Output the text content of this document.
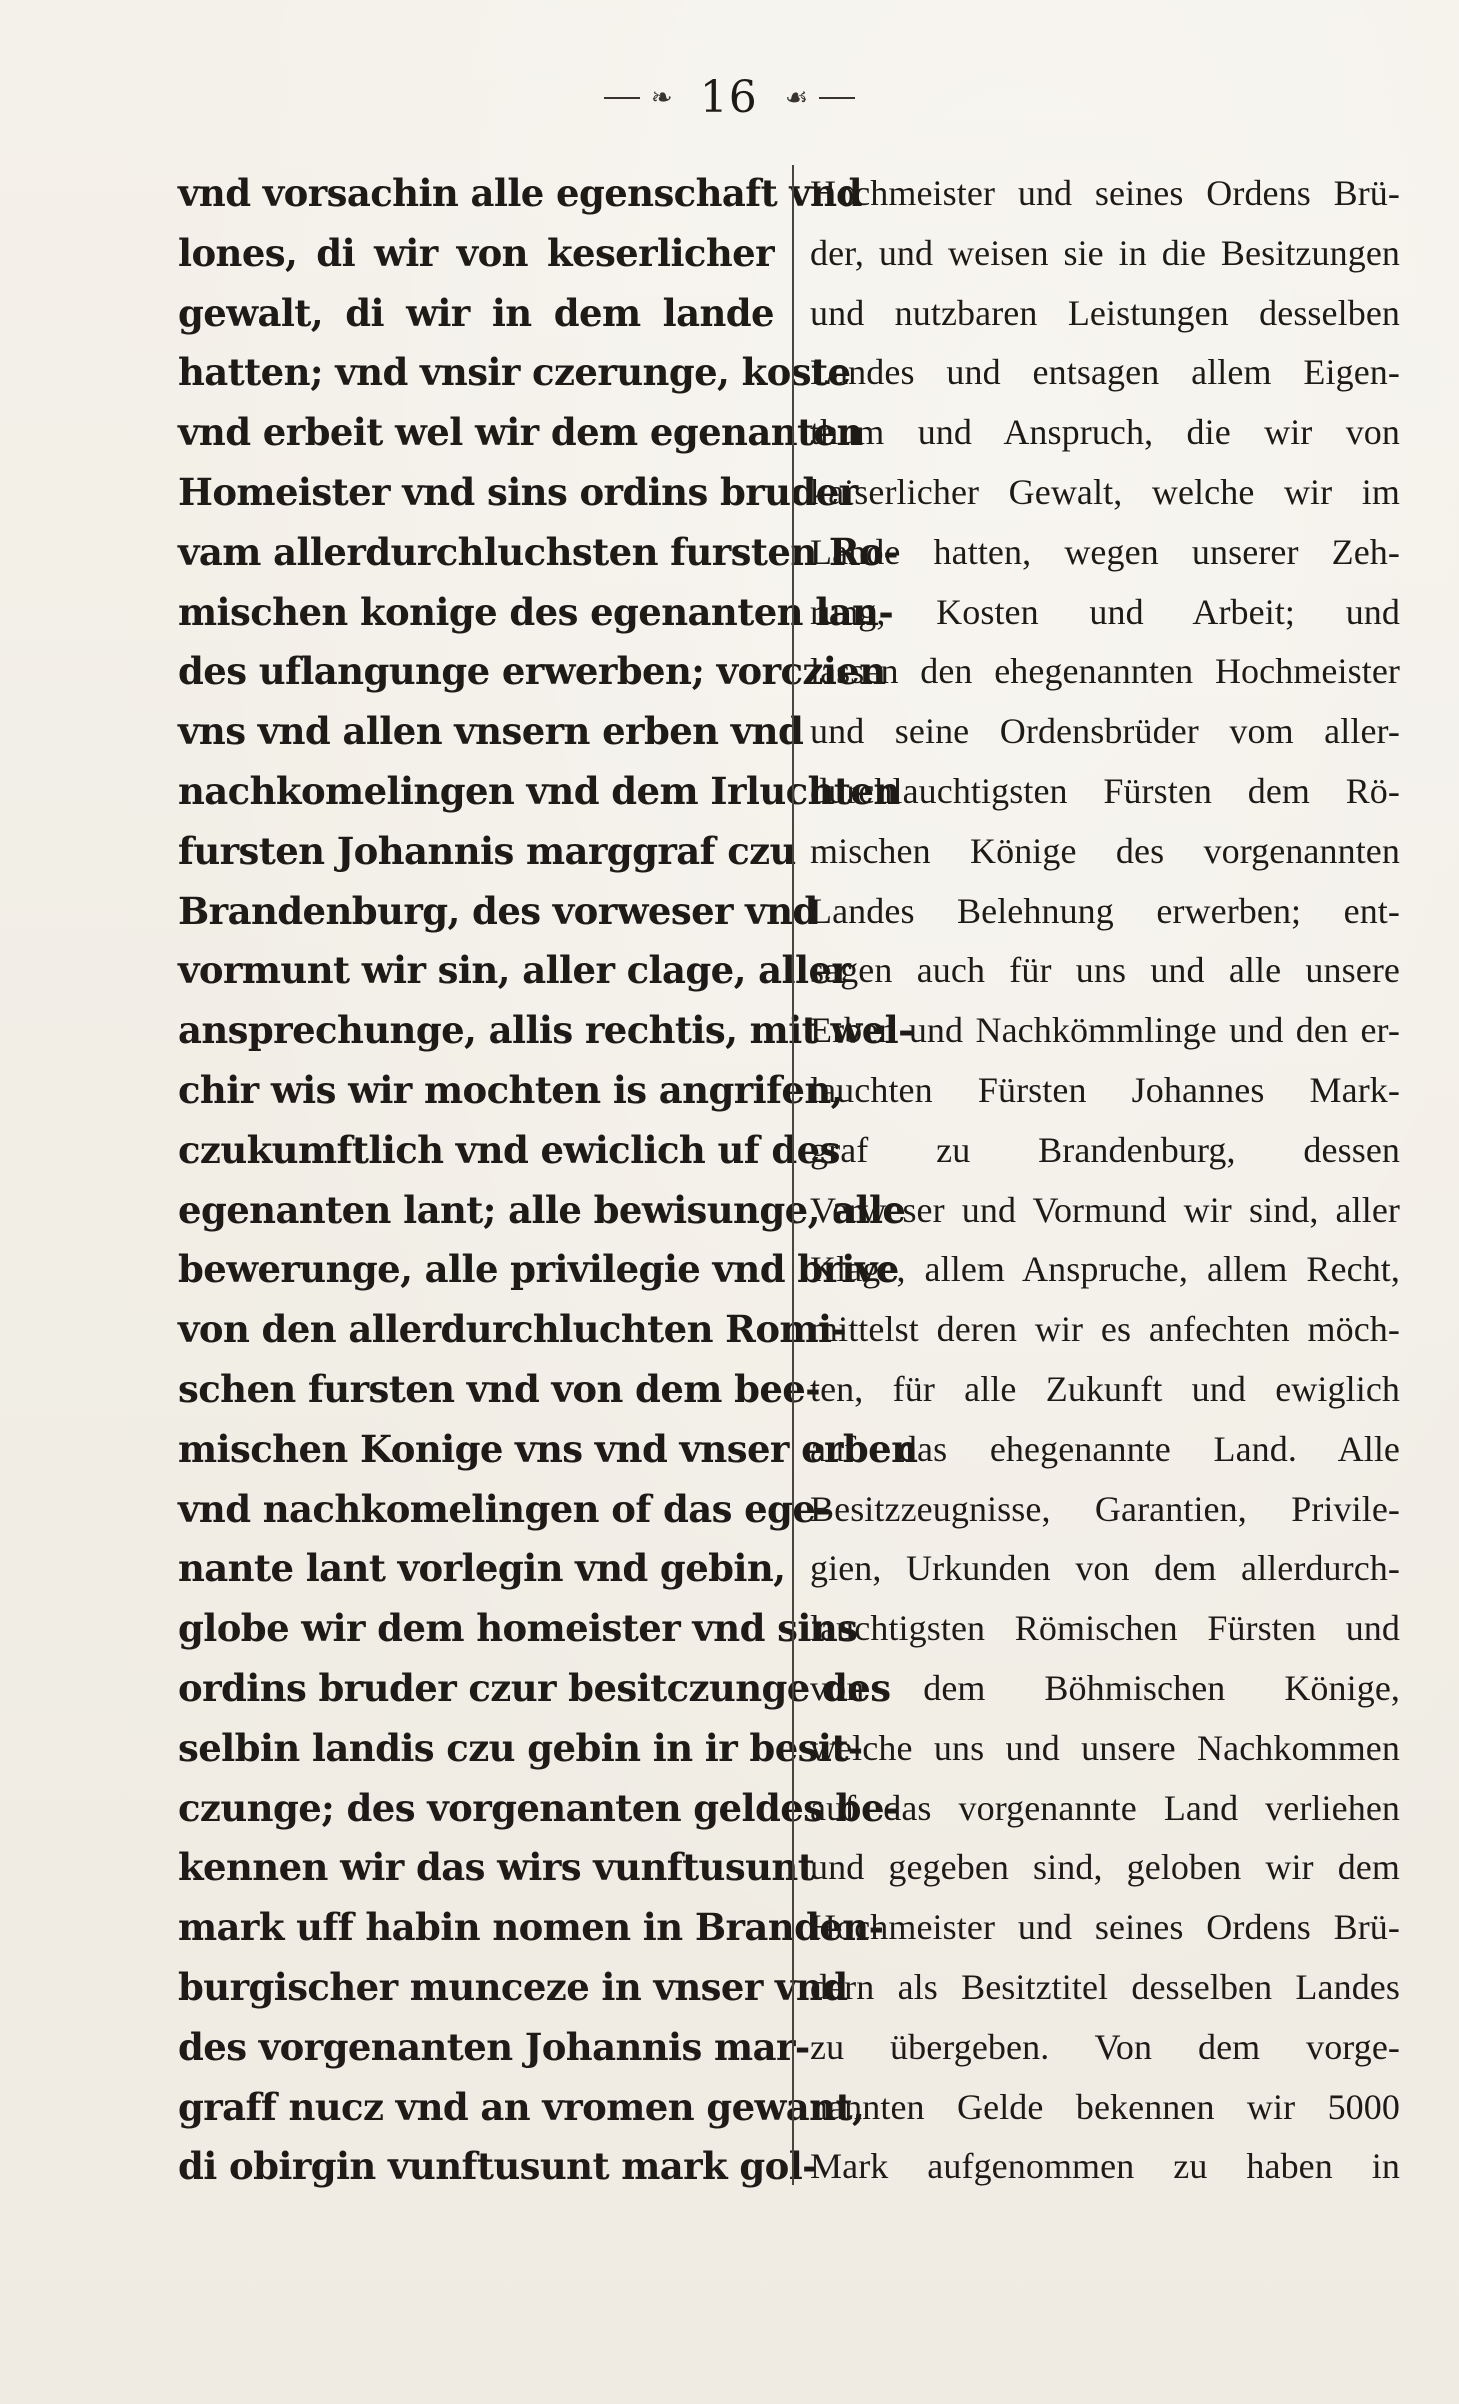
❧ 16 ☙
vnd vorsachin alle egenschaft vnd
lones, di wir von keserlicher
gewalt, di wir in dem lande
hatten; vnd vnsir czerunge, koste
vnd erbeit wel wir dem egenanten
Homeister vnd sins ordins bruder
vam allerdurchluchsten fursten Ro-
mischen konige des egenanten lan-
des uflangunge erwerben; vorczien
vns vnd allen vnsern erben vnd
nachkomelingen vnd dem Irluchten
fursten Johannis marggraf czu
Brandenburg, des vorweser vnd
vormunt wir sin, aller clage, aller
ansprechunge, allis rechtis, mit wel-
chir wis wir mochten is angrifen,
czukumftlich vnd ewiclich uf des
egenanten lant; alle bewisunge, alle
bewerunge, alle privilegie vnd brive
von den allerdurchluchten Romi-
schen fursten vnd von dem bee-
mischen Konige vns vnd vnser erben
vnd nachkomelingen of das ege-
nante lant vorlegin vnd gebin,
globe wir dem homeister vnd sins
ordins bruder czur besitczunge des
selbin landis czu gebin in ir besit-
czunge; des vorgenanten geldes be-
kennen wir das wirs vunftusunt
mark uff habin nomen in Branden-
burgischer munceze in vnser vnd
des vorgenanten Johannis mar-
graff nucz vnd an vromen gewant,
di obirgin vunftusunt mark gol-
Hochmeister und seines Ordens Brü-
der, und weisen sie in die Besitzungen
und nutzbaren Leistungen desselben
Landes und entsagen allem Eigen-
thum und Anspruch, die wir von
kaiserlicher Gewalt, welche wir im
Lande hatten, wegen unserer Zeh-
rung, Kosten und Arbeit; und
lassen den ehegenannten Hochmeister
und seine Ordensbrüder vom aller-
durchlauchtigsten Fürsten dem Rö-
mischen Könige des vorgenannten
Landes Belehnung erwerben; ent-
sagen auch für uns und alle unsere
Erben und Nachkömmlinge und den er-
lauchten Fürsten Johannes Mark-
graf zu Brandenburg, dessen
Verweser und Vormund wir sind, aller
Klage, allem Anspruche, allem Recht,
mittelst deren wir es anfechten möch-
ten, für alle Zukunft und ewiglich
auf das ehegenannte Land. Alle
Besitzzeugnisse, Garantien, Privile-
gien, Urkunden von dem allerdurch-
lauchtigsten Römischen Fürsten und
von dem Böhmischen Könige,
welche uns und unsere Nachkommen
auf das vorgenannte Land verliehen
und gegeben sind, geloben wir dem
Hochmeister und seines Ordens Brü-
dern als Besitztitel desselben Landes
zu übergeben. Von dem vorge-
nannten Gelde bekennen wir 5000
Mark aufgenommen zu haben in
